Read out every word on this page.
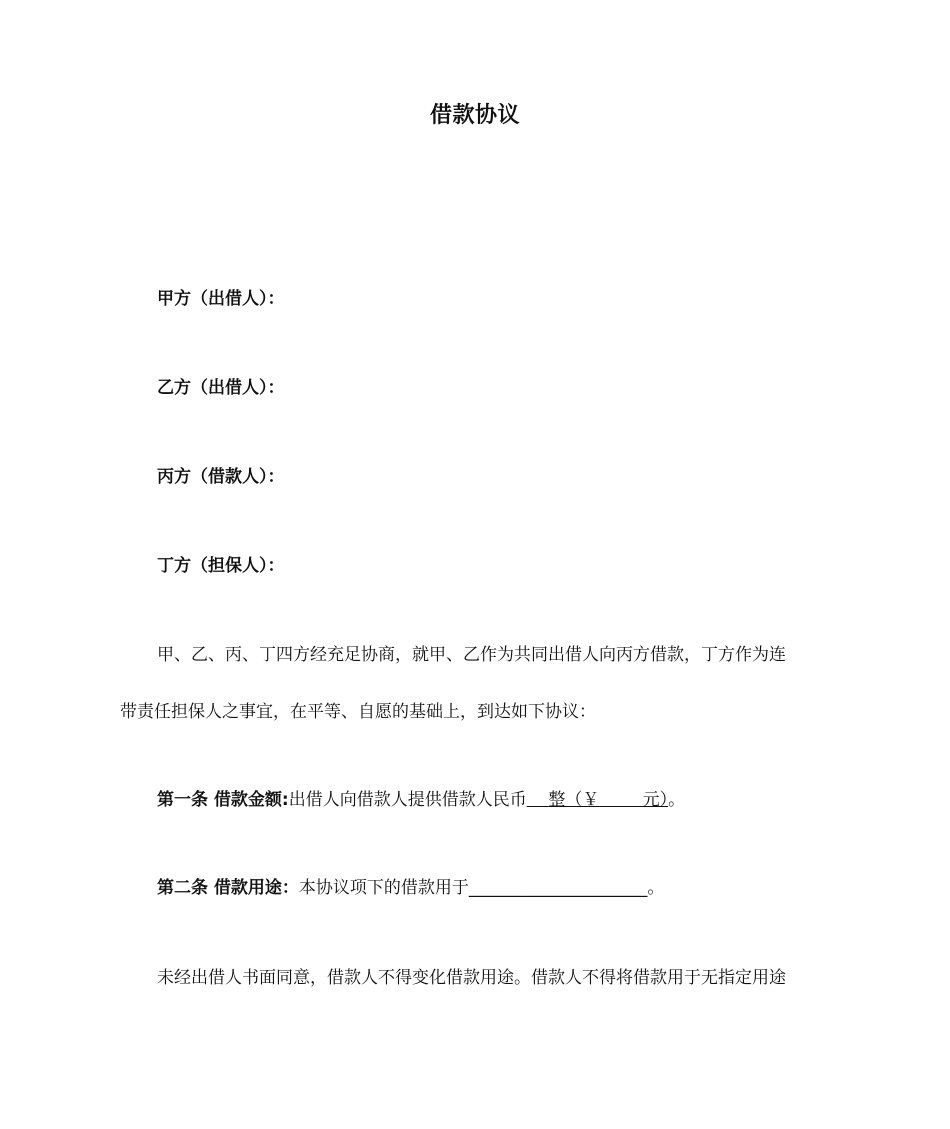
借款协议
甲方（出借人）：
乙方（出借人）：
丙方（借款人）：
丁方（担保人）：
甲、乙、丙、丁四方经充足协商，就甲、乙作为共同出借人向丙方借款，丁方作为连
带责任担保人之事宜，在平等、自愿的基础上，到达如下协议：
第一条 借款金额:出借人向借款人提供借款人民币 整（￥	元）。
第二条 借款用途：本协议项下的借款用于_____________________。
未经出借人书面同意，借款人不得变化借款用途。借款人不得将借款用于无指定用途
